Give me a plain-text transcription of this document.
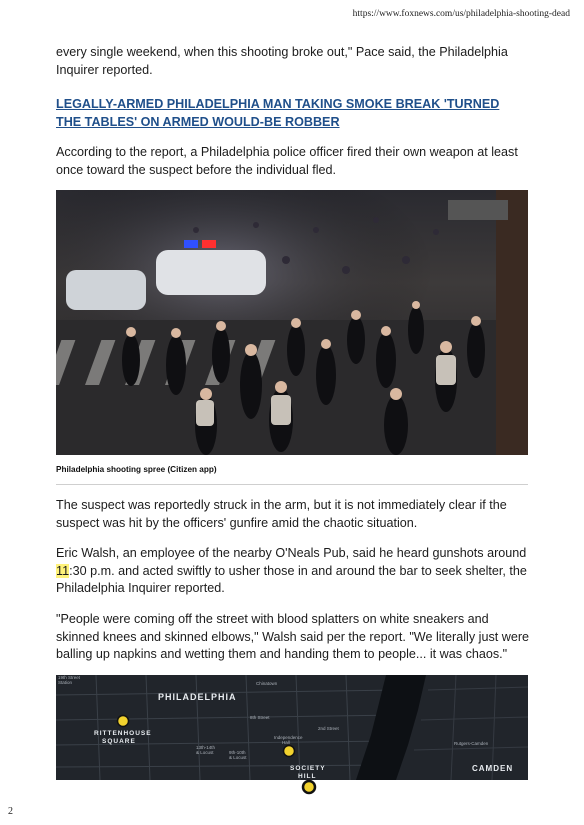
https://www.foxnews.com/us/philadelphia-shooting-dead

every single weekend, when this shooting broke out," Pace said, the Philadelphia Inquirer reported.

LEGALLY-ARMED PHILADELPHIA MAN TAKING SMOKE BREAK 'TURNED THE TABLES' ON ARMED WOULD-BE ROBBER

According to the report, a Philadelphia police officer fired their own weapon at least once toward the suspect before the individual fled.

Philadelphia shooting spree (Citizen app)

The suspect was reportedly struck in the arm, but it is not immediately clear if the suspect was hit by the officers' gunfire amid the chaotic situation.

Eric Walsh, an employee of the nearby O'Neals Pub, said he heard gunshots around 11:30 p.m. and acted swiftly to usher those in and around the bar to seek shelter, the Philadelphia Inquirer reported.

"People were coming off the street with blood splatters on white sneakers and skinned knees and skinned elbows," Walsh said per the report. "We literally just were balling up napkins and wetting them and handing them to people... it was chaos."

19th Street
Station	Chinatown
8th Street
2nd Street
13th-14th
& Locust	9th-10th
& Locust
Independence
Hall	Rutgers-Camden
PHILADELPHIA
RITTENHOUSE
SQUARE
SOCIETY
HILL
CAMDEN
2
